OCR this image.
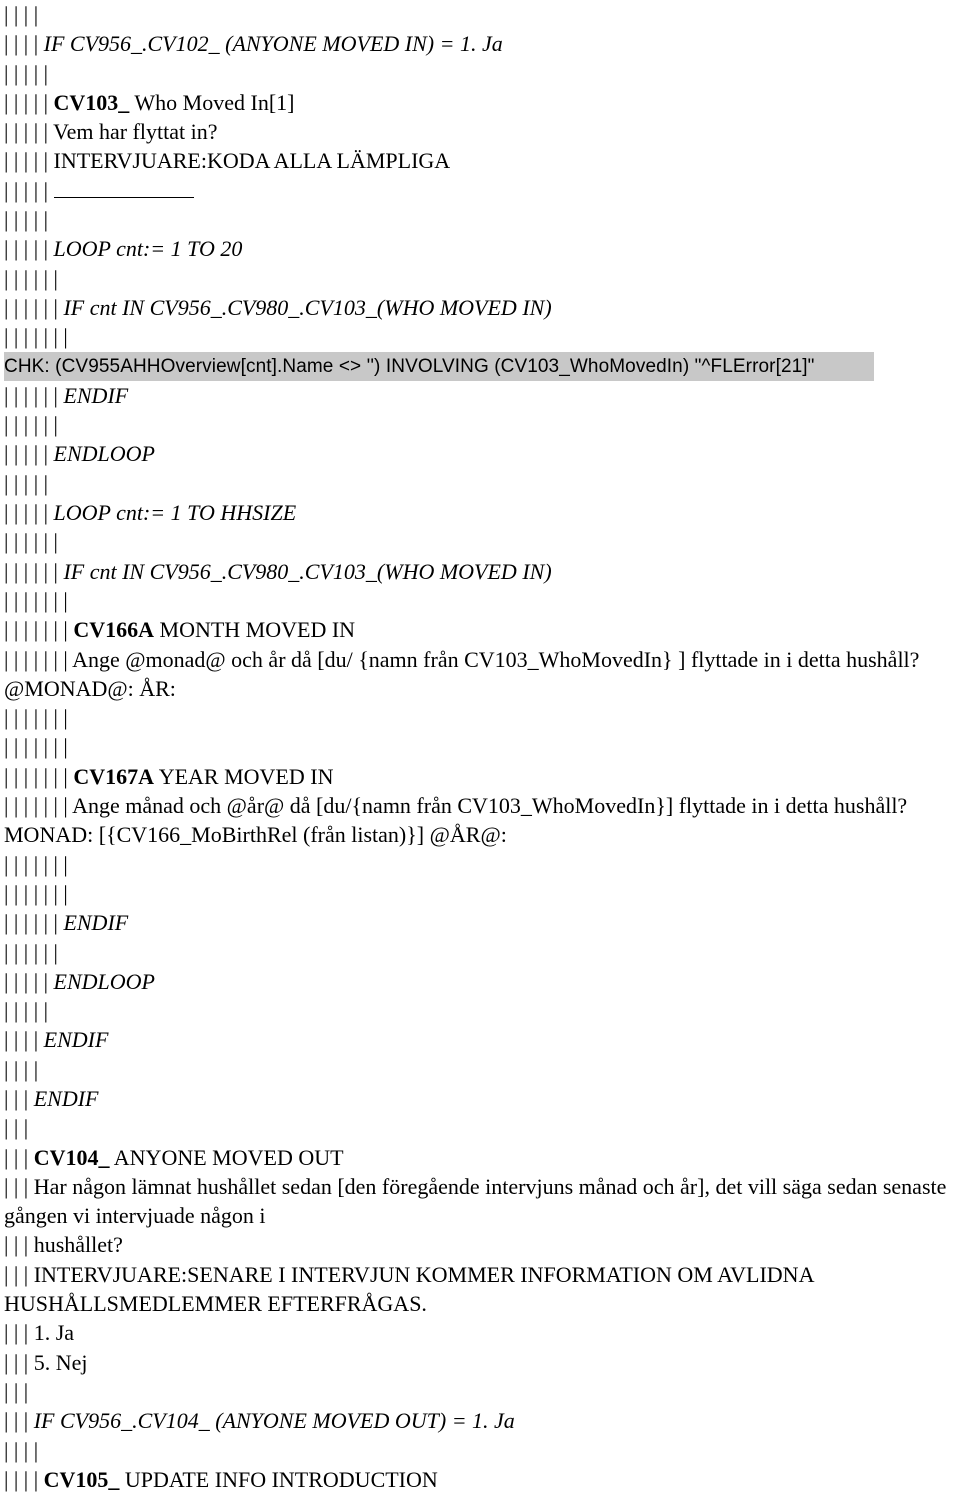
| | | |
| | | | IF CV956_.CV102_ (ANYONE MOVED IN) = 1. Ja
| | | | |
| | | | | CV103_ Who Moved In[1]
| | | | | Vem har flyttat in?
| | | | | INTERVJUARE:KODA ALLA LÄMPLIGA
| | | | |
| | | | |
| | | | | LOOP cnt:= 1 TO 20
| | | | | |
| | | | | | IF cnt IN CV956_.CV980_.CV103_(WHO MOVED IN)
| | | | | | |
CHK: (CV955AHHOverview[cnt].Name <> '') INVOLVING (CV103_WhoMovedIn) "^FLError[21]"
| | | | | | ENDIF
| | | | | |
| | | | | ENDLOOP
| | | | |
| | | | | LOOP cnt:= 1 TO HHSIZE
| | | | | |
| | | | | | IF cnt IN CV956_.CV980_.CV103_(WHO MOVED IN)
| | | | | | |
| | | | | | | CV166A MONTH MOVED IN
| | | | | | | Ange @monad@ och år då [du/ {namn från CV103_WhoMovedIn} ] flyttade in i detta hushåll? @MONAD@: ÅR:
| | | | | | |
| | | | | | |
| | | | | | | CV167A YEAR MOVED IN
| | | | | | | Ange månad och @år@ då [du/{namn från CV103_WhoMovedIn}] flyttade in i detta hushåll? MONAD: [{CV166_MoBirthRel (från listan)}] @ÅR@:
| | | | | | |
| | | | | | |
| | | | | | ENDIF
| | | | | |
| | | | | ENDLOOP
| | | | |
| | | | ENDIF
| | | |
| | | ENDIF
| | |
| | | CV104_ ANYONE MOVED OUT
| | | Har någon lämnat hushållet sedan [den föregående intervjuns månad och år], det vill säga sedan senaste gången vi intervjuade någon i
| | | hushållet?
| | | INTERVJUARE:SENARE I INTERVJUN KOMMER INFORMATION OM AVLIDNA HUSHÅLLSMEDLEMMER EFTERFRÅGAS.
| | | 1. Ja
| | | 5. Nej
| | |
| | | IF CV956_.CV104_ (ANYONE MOVED OUT) = 1. Ja
| | | |
| | | | CV105_ UPDATE INFO INTRODUCTION
